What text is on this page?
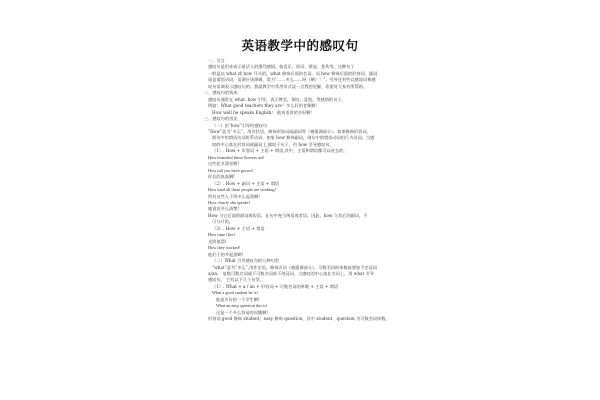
英语教学中的感叹句
一、引言
感叹句是用来表示说话人的强烈感情，如喜乐、惊讶、愤怒、悲伤等。这种句子
一般是以 what 或 how 开头的，what 修饰后面的名词，而 how 修饰后面的形容词、副词
或是谓语动词，语调应该降调，常为“……多么……呀（啊）！”。另外还有些以感叹词和感
叹句语调表示感叹句的。我就教学中常用形式谈一点我的见解，希望对大家有所帮助。
二、感叹句的构成
感叹句通常在 what, how 引导，表示赞美，惊叹，喜悦，等感情的句子。
例如：What good teachers they are！多么好的老师啊！
How well he speaks English！ 他英语讲的多好啊！
三、感叹句的用法
（一）由“how”引导的感叹句
“How”意为“多么”，用作状语，修饰形容词或副词等（被强调部分）。如果修饰形容词，
则句中的谓语动词用系动词。如果 how 修饰副词，则句中的谓语动词用行为动词。当感
叹的中心落在形容词或副词上,感叹于句子，用 how 引导感叹句。
（1）. How + 形容词 + 主语 + 谓语,其中，主语和谓语都可以省去的。
How beautiful those flowers are!
这些花多漂亮啊!
How tall you have grown!
你长的真高啊!
（2）. How + 副词 + 主语 + 谓语
How hard all these people are working!
所有这些人干得多么起劲啊!
How clearly she speaks!
她说话多么清楚!
How 与它后面的副词或短语，在句中充当统语或者语。因此，how 与其后的副词，不
可分开的。
（3）. How + 主语 + 谓语
How time flies!
光阴似箭!
How they worked!
他们干的多起劲啊!
（二）What 引导感叹句的几种句型
“what”意为“多么”,用作定语，修饰名词（被强调部分），可数名词的单数前要加不定冠词
a/an。 复数可数名词或不可数名词前不用冠词。当感叹的中心落在名词上，用 what 引导
感叹句。 它有以下几个句型。
（1）. What + a / an + 形容词 + 可数名词的单数 + 主语 + 谓语
What a good student he is!
他是多好的一个学生啊!
What an easy question this is!
这是一个多么容易的问题啊!
形容词 good 修饰 student，easy 修饰 question，其中 student、question 为可数名词单数。
